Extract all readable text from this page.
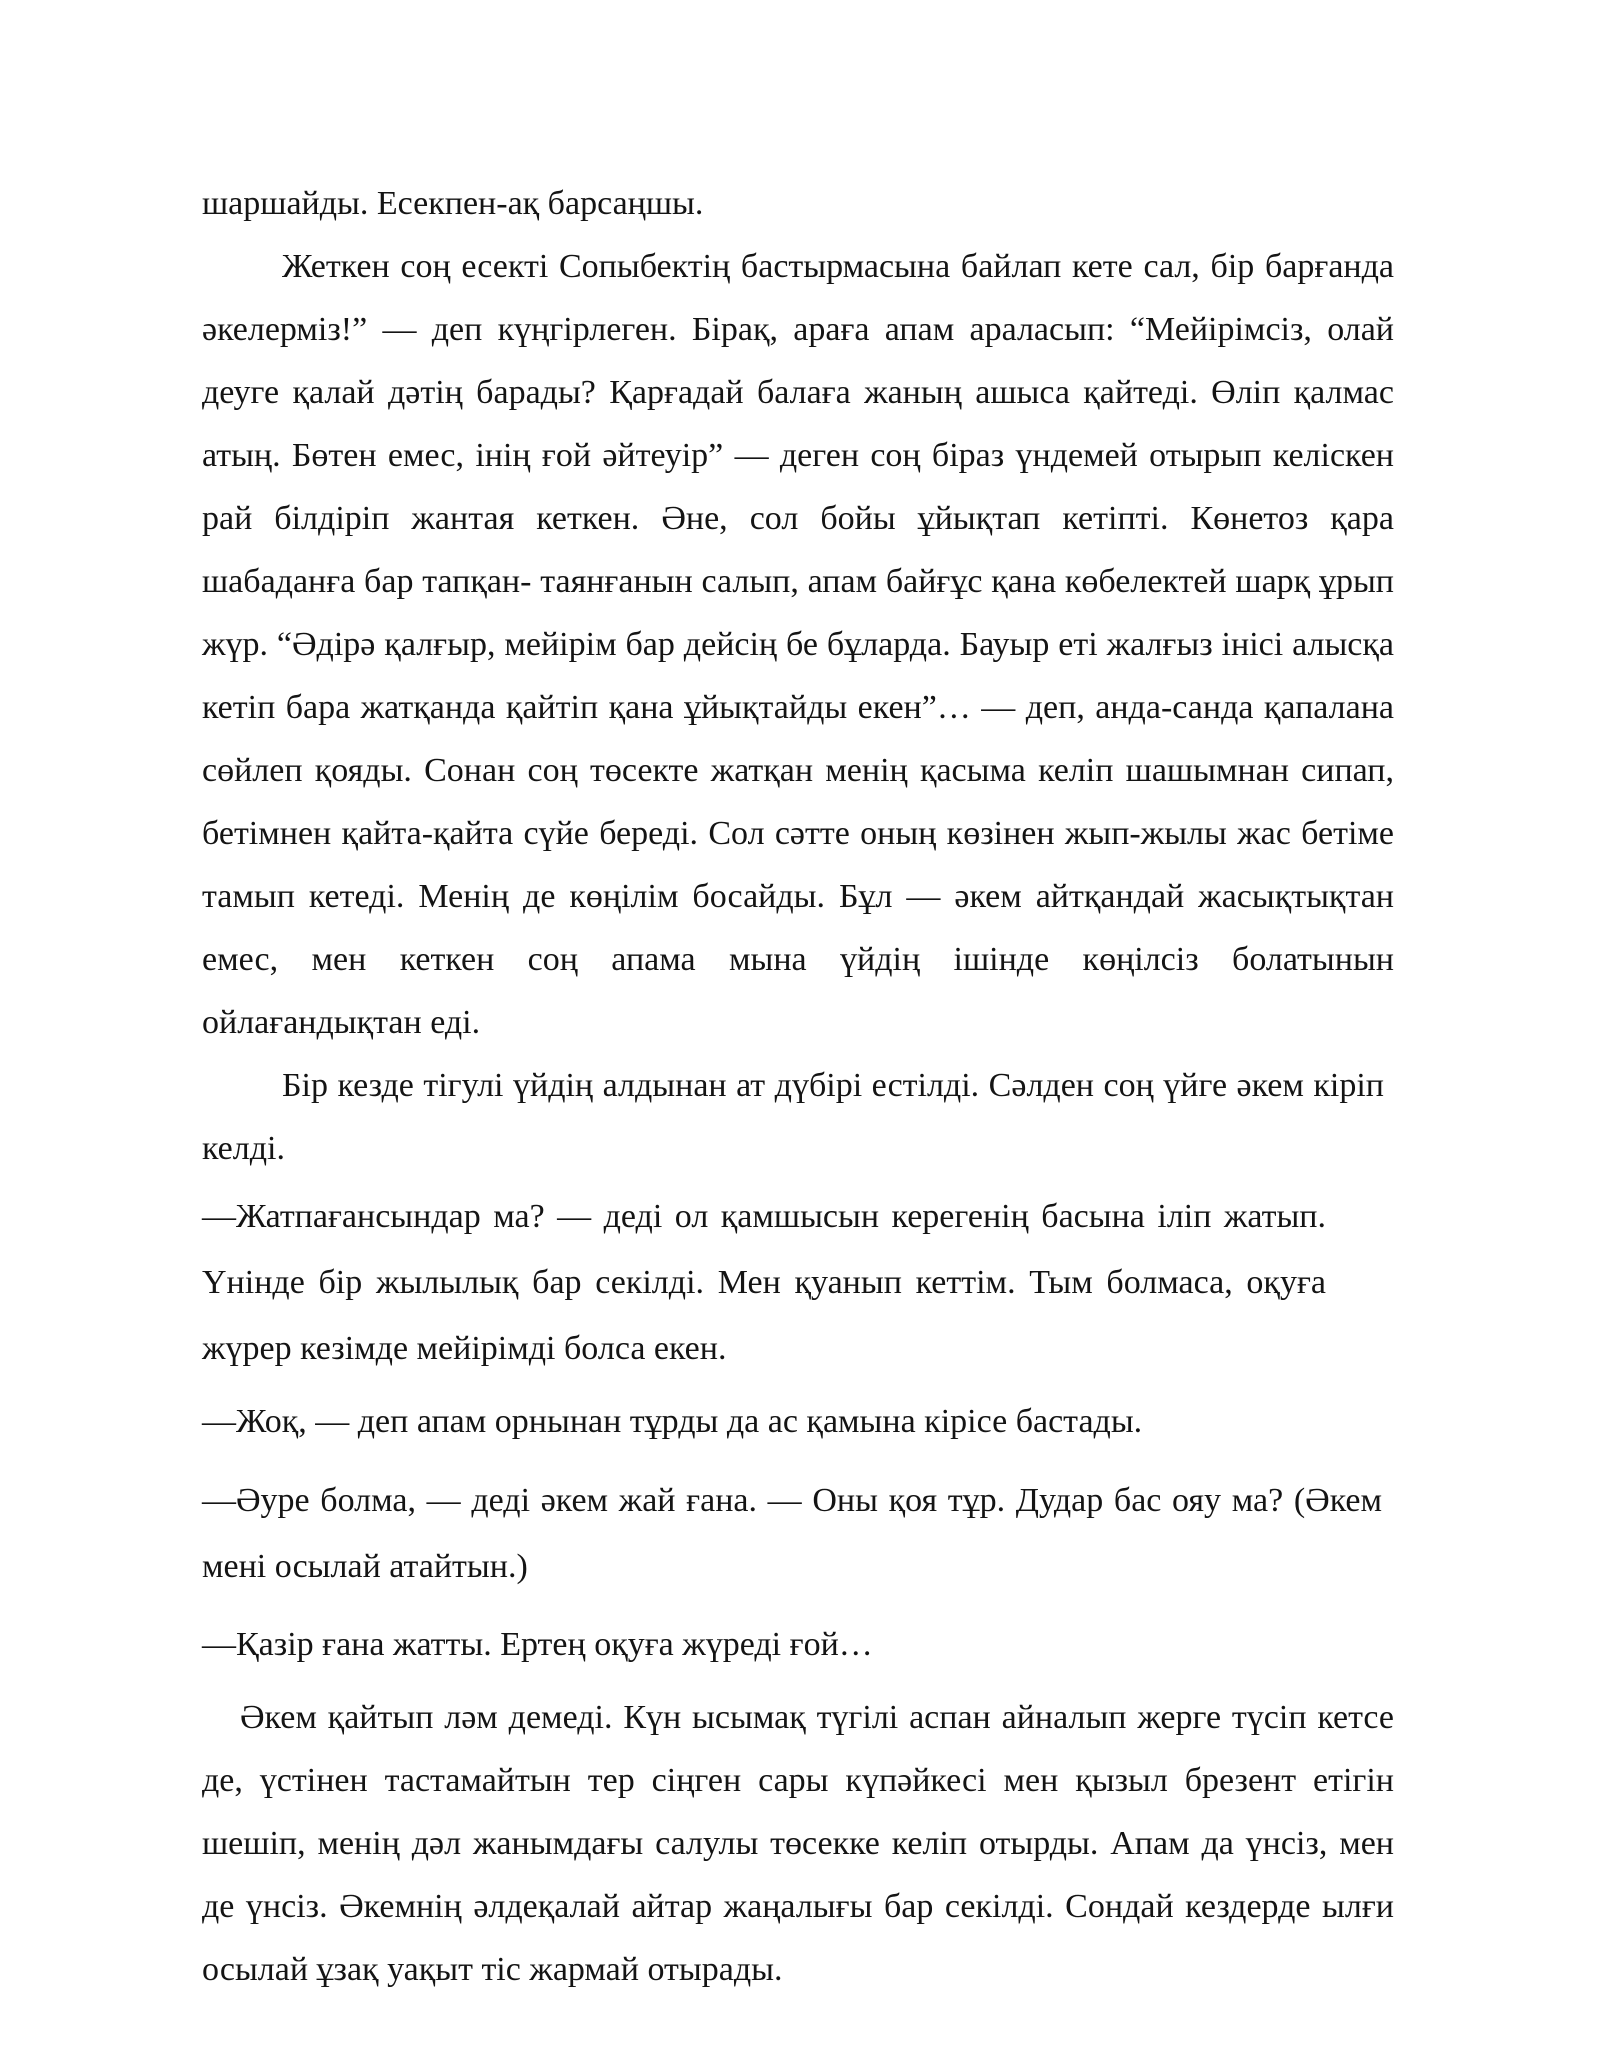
шаршайды. Есекпен-ақ барсаңшы.

Жеткен соң есекті Сопыбектің бастырмасына байлап кете сал, бір барғанда әкелерміз!” — деп күңгірлеген. Бірақ, араға апам араласып: “Мейірімсіз, олай деуге қалай дәтің барады? Қарғадай балаға жаның ашыса қайтеді. Өліп қалмас атың. Бөтен емес, інің ғой әйтеуір” — деген соң біраз үндемей отырып келіскен рай білдіріп жантая кеткен. Әне, сол бойы ұйықтап кетіпті. Көнетоз қара шабаданға бар тапқан- таянғанын салып, апам байғұс қана көбелектей шарқ ұрып жүр. “Әдірә қалғыр, мейірім бар дейсің бе бұларда. Бауыр еті жалғыз інісі алысқа кетіп бара жатқанда қайтіп қана ұйықтайды екен”… — деп, анда-санда қапалана сөйлеп қояды. Сонан соң төсекте жатқан менің қасыма келіп шашымнан сипап, бетімнен қайта-қайта сүйе береді. Сол сәтте оның көзінен жып-жылы жас бетіме тамып кетеді. Менің де көңілім босайды. Бұл — әкем айтқандай жасықтықтан емес, мен кеткен соң апама мына үйдің ішінде көңілсіз болатынын ойлағандықтан еді.

Бір кезде тігулі үйдің алдынан ат дүбірі естілді. Сәлден соң үйге әкем кіріп келді.

—Жатпағансындар ма? — деді ол қамшысын керегенің басына іліп жатып. Үнінде бір жылылық бар секілді. Мен қуанып кеттім. Тым болмаса, оқуға жүрер кезімде мейірімді болса екен.

—Жоқ, — деп апам орнынан тұрды да ас қамына кірісе бастады.

—Әуре болма, — деді әкем жай ғана. — Оны қоя тұр. Дудар бас ояу ма? (Әкем мені осылай атайтын.)

—Қазір ғана жатты. Ертең оқуға жүреді ғой…

Әкем қайтып ләм демеді. Күн ысымақ түгілі аспан айналып жерге түсіп кетсе де, үстінен тастамайтын тер сіңген сары күпәйкесі мен қызыл брезент етігін шешіп, менің дәл жанымдағы салулы төсекке келіп отырды. Апам да үнсіз, мен де үнсіз. Әкемнің әлдеқалай айтар жаңалығы бар секілді. Сондай кездерде ылғи осылай ұзақ уақыт тіс жармай отырады.
